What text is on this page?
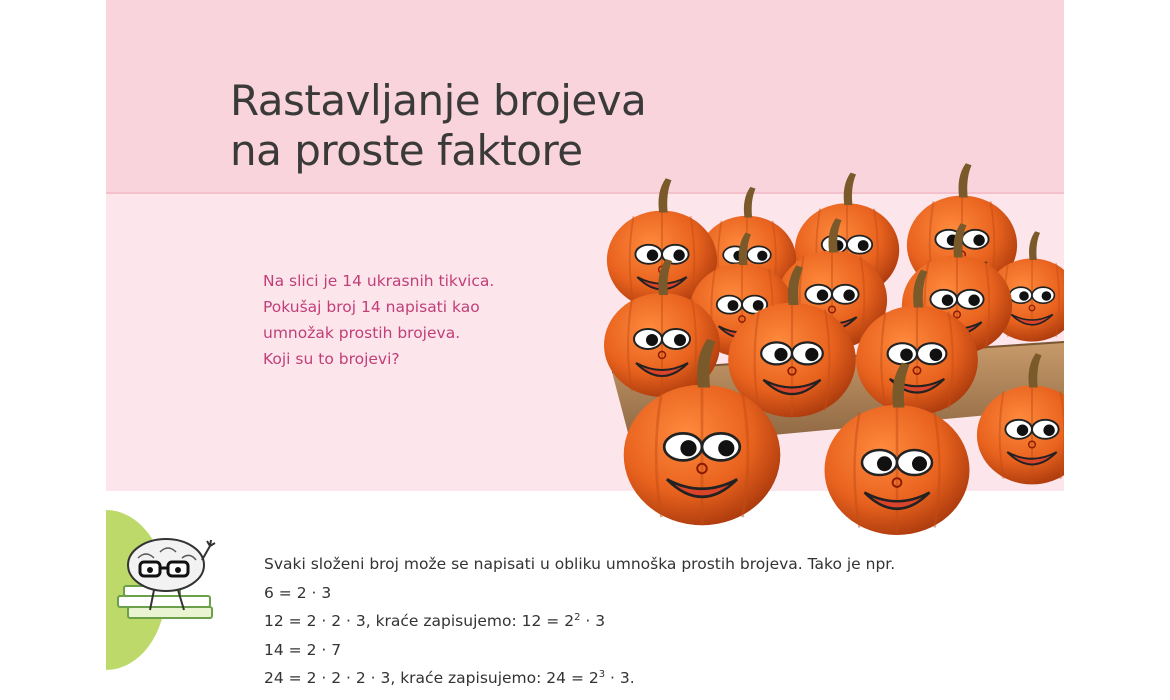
Rastavljanje brojeva
na proste faktore
Na slici je 14 ukrasnih tikvica.
Pokušaj broj 14 napisati kao
umnožak prostih brojeva.
Koji su to brojevi?
Svaki složeni broj može se napisati u obliku umnoška prostih brojeva. Tako je npr.
6 = 2 · 3
12 = 2 · 2 · 3, kraće zapisujemo: $12 = 2^2 \cdot 3$
14 = 2 · 7
24 = 2 · 2 · 2 · 3, kraće zapisujemo: $24 = 2^3 \cdot 3$.
